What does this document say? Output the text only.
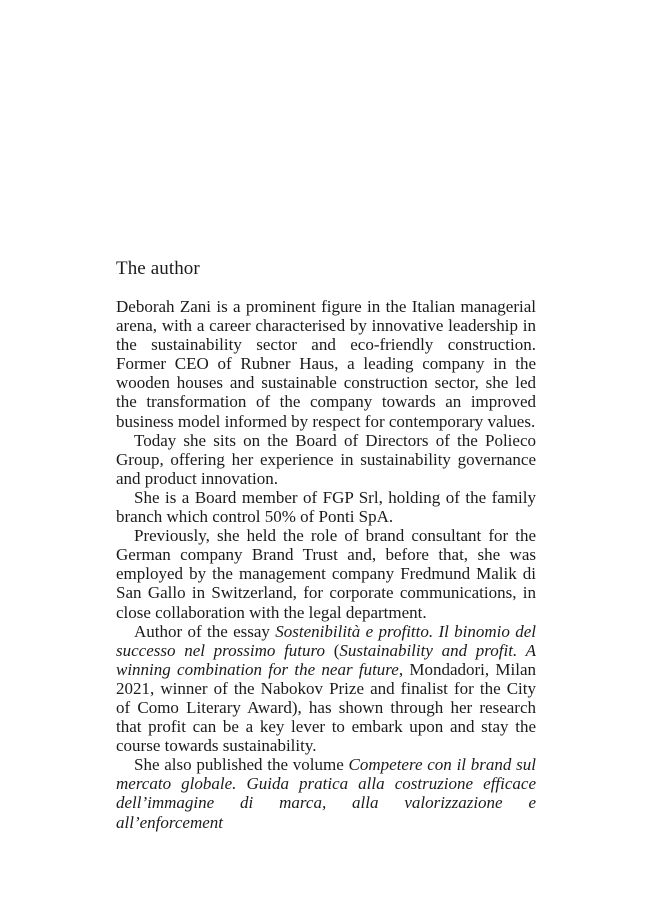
The author

Deborah Zani is a prominent figure in the Italian managerial arena, with a career characterised by innovative leadership in the sustainability sector and eco-friendly construction. Former CEO of Rubner Haus, a leading company in the wooden houses and sustainable construction sector, she led the transformation of the company towards an improved business model informed by respect for contemporary values.

Today she sits on the Board of Directors of the Polieco Group, offering her experience in sustainability governance and product innovation.

She is a Board member of FGP Srl, holding of the family branch which control 50% of Ponti SpA.

Previously, she held the role of brand consultant for the German company Brand Trust and, before that, she was employed by the management company Fredmund Malik di San Gallo in Switzerland, for corporate communications, in close collaboration with the legal department.

Author of the essay Sostenibilità e profitto. Il binomio del successo nel prossimo futuro (Sustainability and profit. A winning combination for the near future, Mondadori, Milan 2021, winner of the Nabokov Prize and finalist for the City of Como Literary Award), has shown through her research that profit can be a key lever to embark upon and stay the course towards sustainability.

She also published the volume Competere con il brand sul mercato globale. Guida pratica alla costruzione efficace dell’immagine di marca, alla valorizzazione e all’enforcement
